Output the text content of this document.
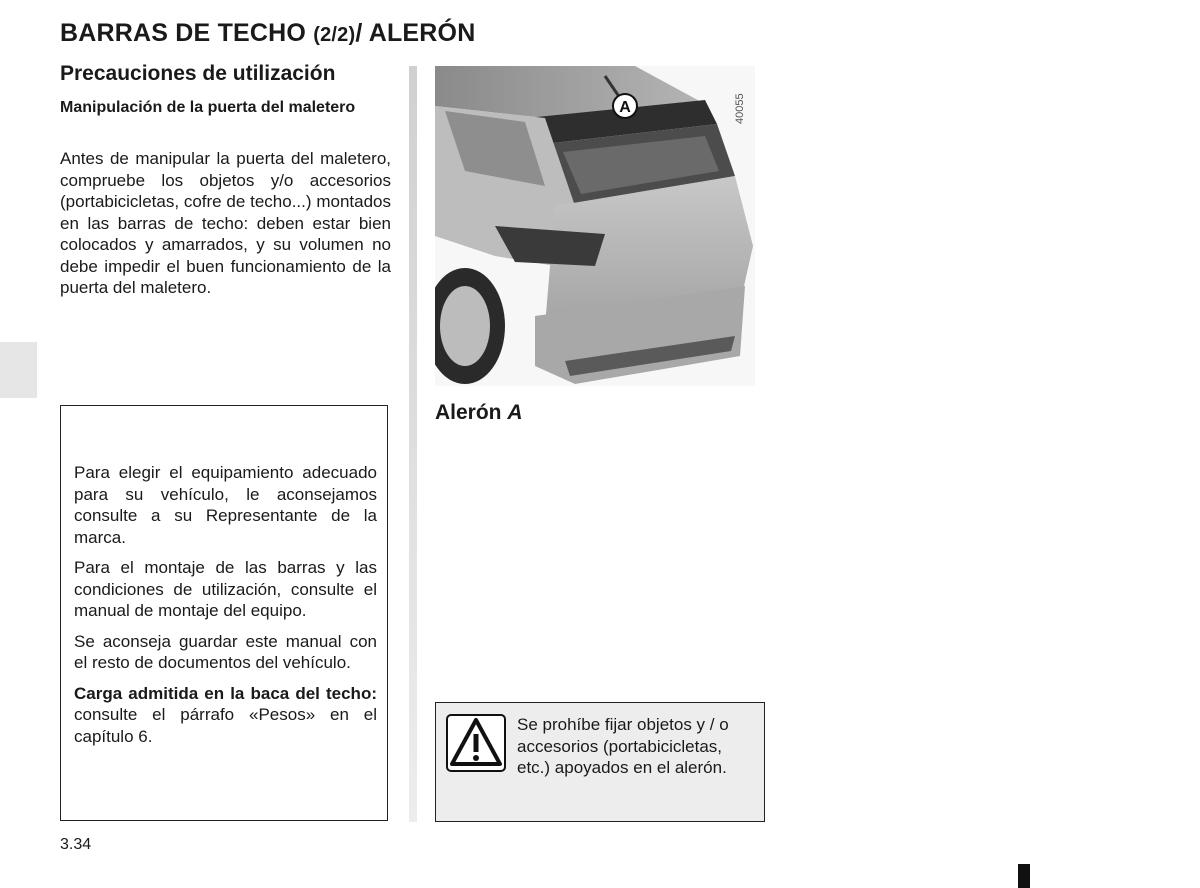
BARRAS DE TECHO (2/2)/ ALERÓN
Precauciones de utilización
Manipulación de la puerta del maletero

Antes de manipular la puerta del maletero, compruebe los objetos y/o accesorios (portabicicletas, cofre de techo...) montados en las barras de techo: deben estar bien colocados y amarrados, y su volumen no debe impedir el buen funcionamiento de la puerta del maletero.

Para elegir el equipamiento adecuado para su vehículo, le aconsejamos consulte a su Representante de la marca.

Para el montaje de las barras y las condiciones de utilización, consulte el manual de montaje del equipo.

Se aconseja guardar este manual con el resto de documentos del vehículo.

Carga admitida en la baca del techo: consulte el párrafo «Pesos» en el capítulo 6.

A	40055
Alerón A
Se prohíbe fijar objetos y / o accesorios (portabicicletas, etc.) apoyados en el alerón.
3.34
